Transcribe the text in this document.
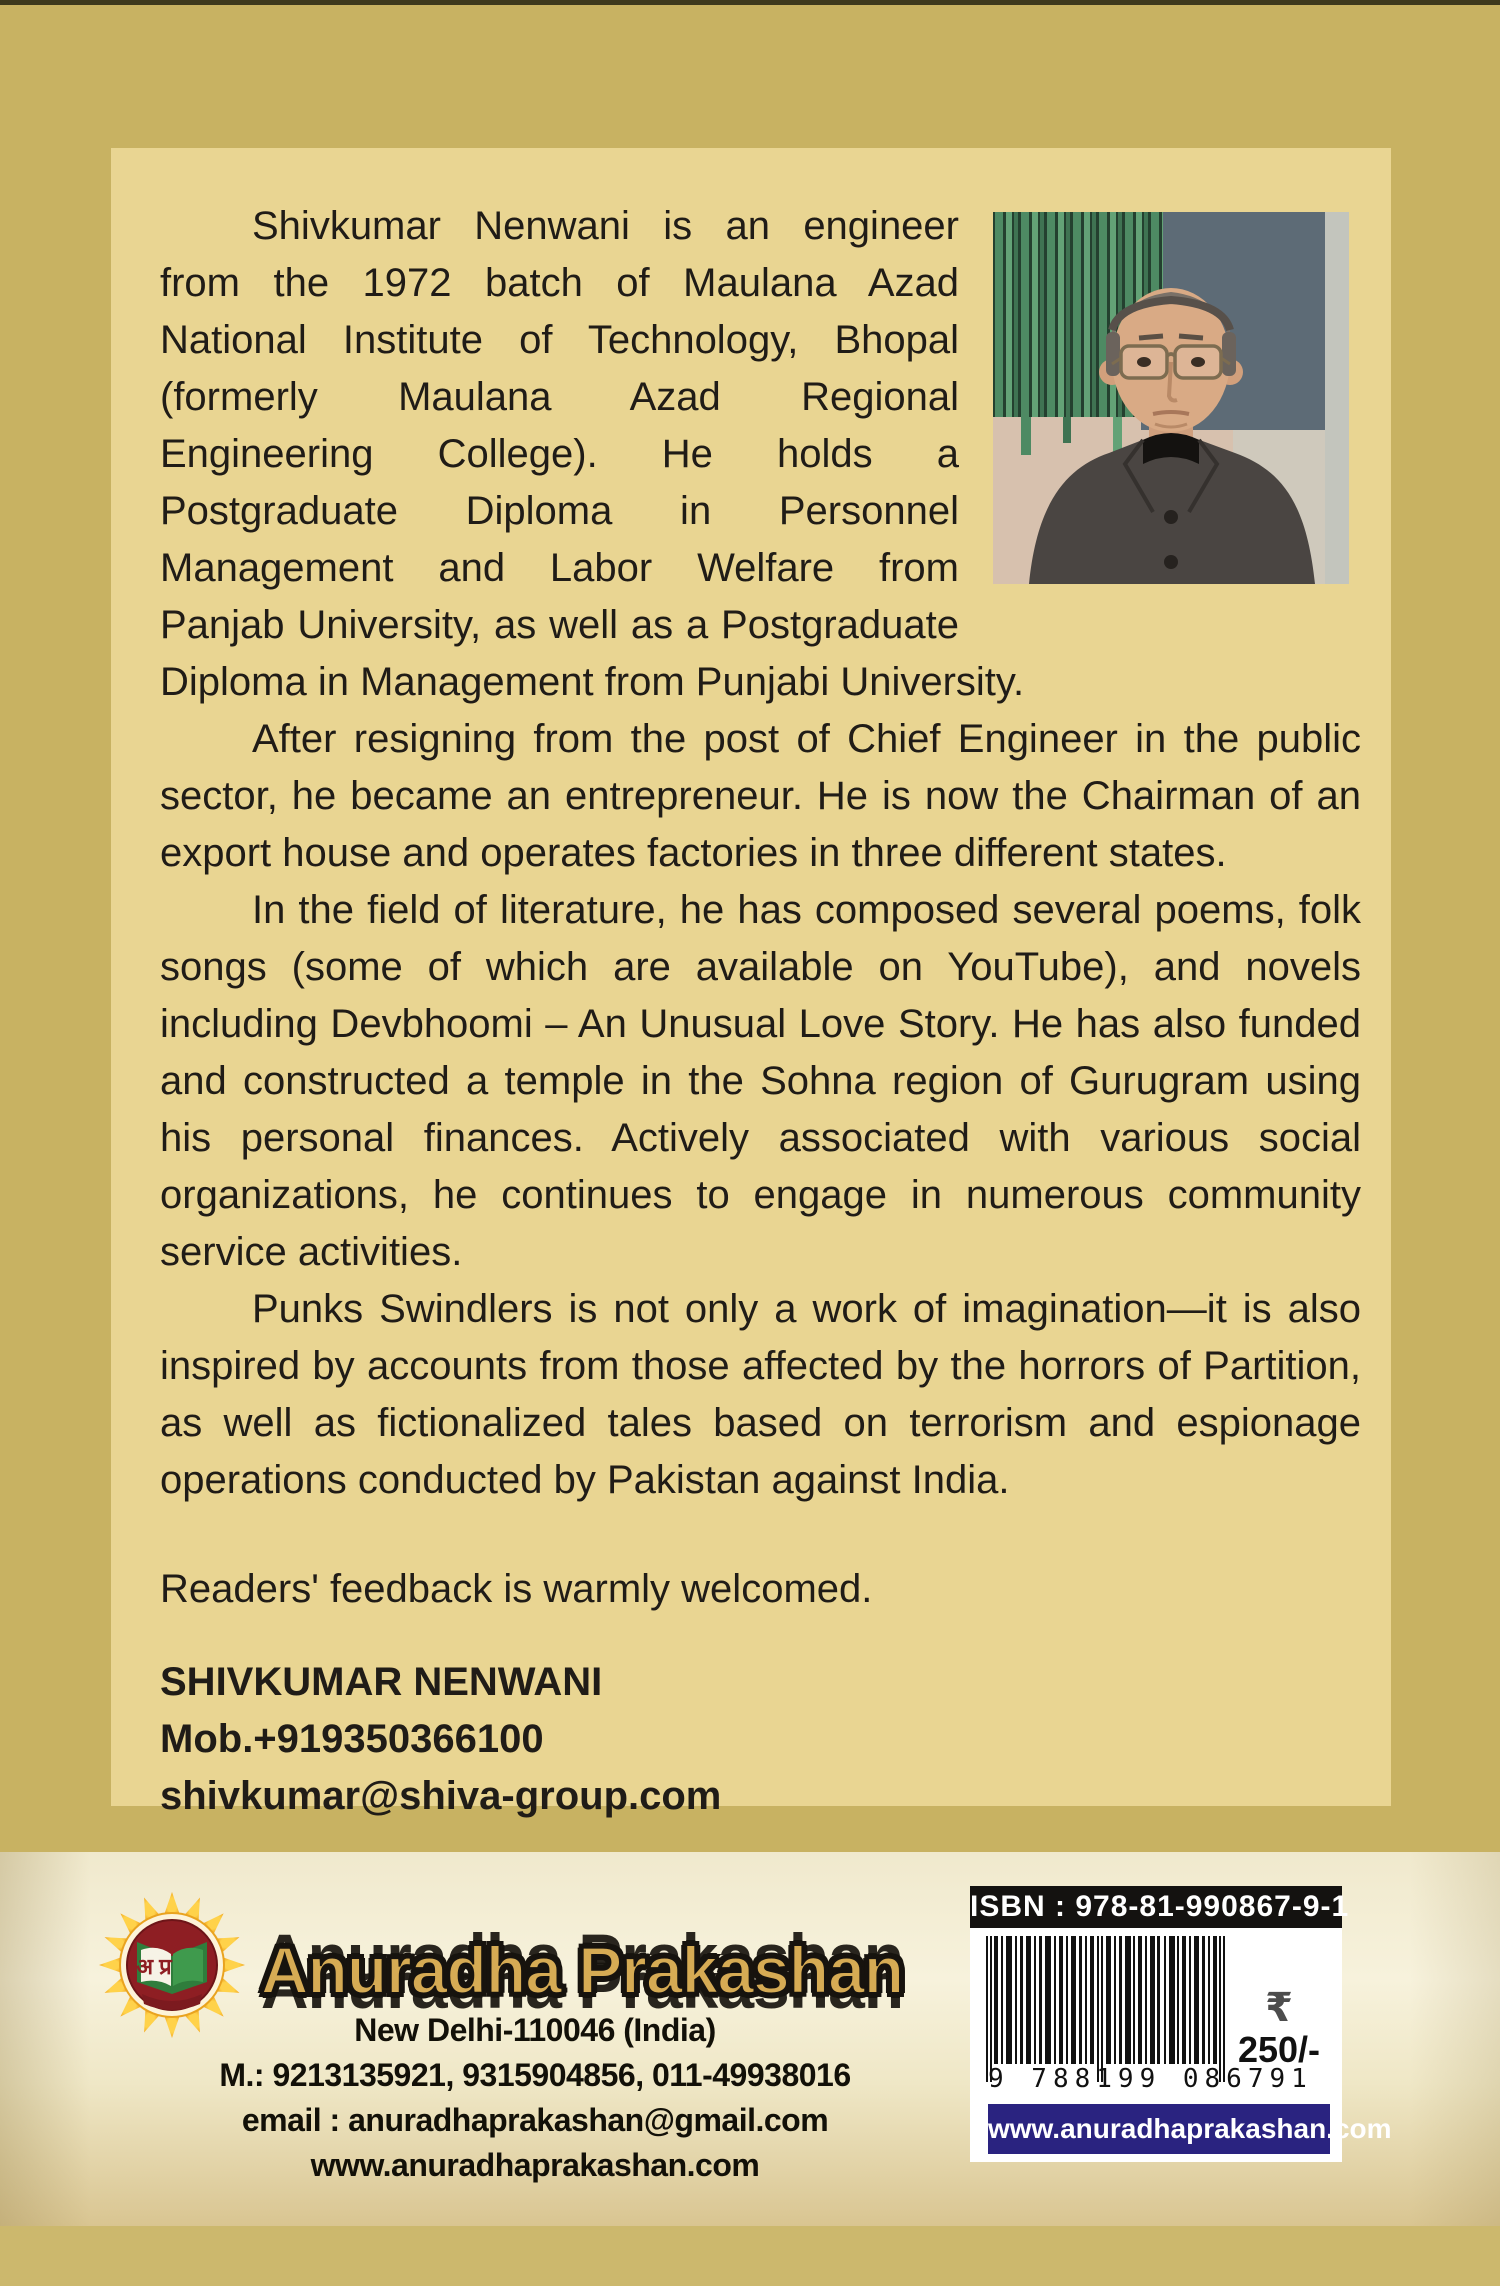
Shivkumar Nenwani is an engineer from the 1972 batch of Maulana Azad National Institute of Technology, Bhopal (formerly Maulana Azad Regional Engineering College). He holds a Postgraduate Diploma in Personnel Management and Labor Welfare from Panjab University, as well as a Postgraduate Diploma in Management from Punjabi University.

After resigning from the post of Chief Engineer in the public sector, he became an entrepreneur. He is now the Chairman of an export house and operates factories in three different states.

In the field of literature, he has composed several poems, folk songs (some of which are available on YouTube), and novels including Devbhoomi – An Unusual Love Story. He has also funded and constructed a temple in the Sohna region of Gurugram using his personal finances. Actively associated with various social organizations, he continues to engage in numerous community service activities.

Punks Swindlers is not only a work of imagination—it is also inspired by accounts from those affected by the horrors of Partition, as well as fictionalized tales based on terrorism and espionage operations conducted by Pakistan against India.

Readers' feedback is warmly welcomed.

SHIVKUMAR NENWANI
Mob.+919350366100
shivkumar@shiva-group.com
अ प्र Anuradha Prakashan
New Delhi-110046 (India)
M.: 9213135921, 9315904856, 011-49938016
email : anuradhaprakashan@gmail.com
www.anuradhaprakashan.com
ISBN : 978-81-990867-9-1
9 788199 086791
₹
250/-
www.anuradhaprakashan.com
